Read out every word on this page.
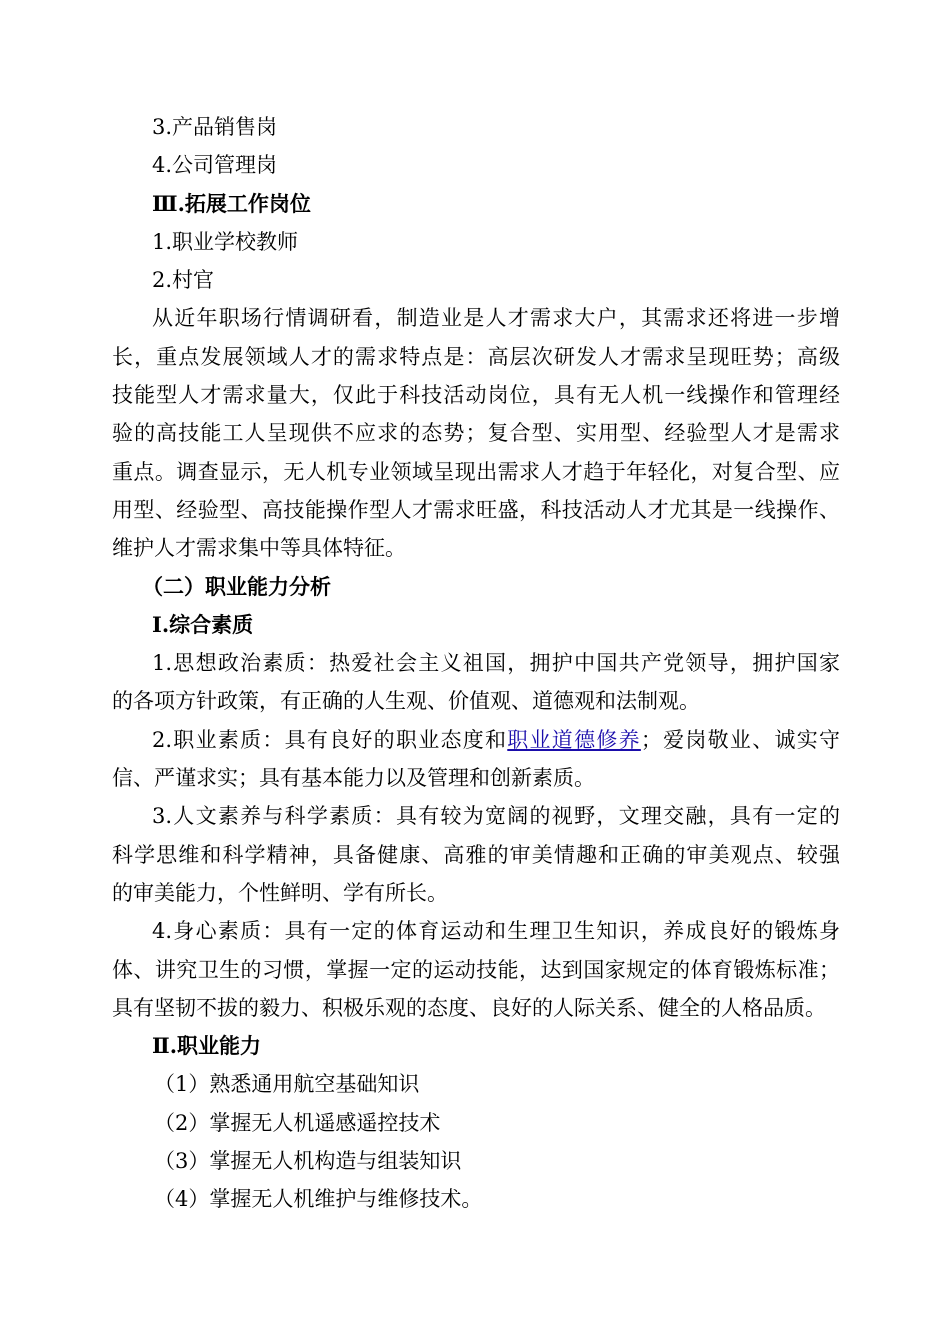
3.产品销售岗
4.公司管理岗
Ⅲ.拓展工作岗位
1.职业学校教师
2.村官

从近年职场行情调研看，制造业是人才需求大户，其需求还将进一步增

长，重点发展领域人才的需求特点是：高层次研发人才需求呈现旺势；高级

技能型人才需求量大，仅此于科技活动岗位，具有无人机一线操作和管理经

验的高技能工人呈现供不应求的态势；复合型、实用型、经验型人才是需求

重点。调查显示，无人机专业领域呈现出需求人才趋于年轻化，对复合型、应

用型、经验型、高技能操作型人才需求旺盛，科技活动人才尤其是一线操作、

维护人才需求集中等具体特征。

（二）职业能力分析
Ⅰ.综合素质

1.思想政治素质：热爱社会主义祖国，拥护中国共产党领导，拥护国家

的各项方针政策，有正确的人生观、价值观、道德观和法制观。

2.职业素质：具有良好的职业态度和职业道德修养；爱岗敬业、诚实守

信、严谨求实；具有基本能力以及管理和创新素质。

3.人文素养与科学素质：具有较为宽阔的视野，文理交融，具有一定的

科学思维和科学精神，具备健康、高雅的审美情趣和正确的审美观点、较强

的审美能力，个性鲜明、学有所长。

4.身心素质：具有一定的体育运动和生理卫生知识，养成良好的锻炼身

体、讲究卫生的习惯，掌握一定的运动技能，达到国家规定的体育锻炼标准；

具有坚韧不拔的毅力、积极乐观的态度、良好的人际关系、健全的人格品质。

Ⅱ.职业能力
（1）熟悉通用航空基础知识
（2）掌握无人机遥感遥控技术
（3）掌握无人机构造与组装知识
（4）掌握无人机维护与维修技术。
